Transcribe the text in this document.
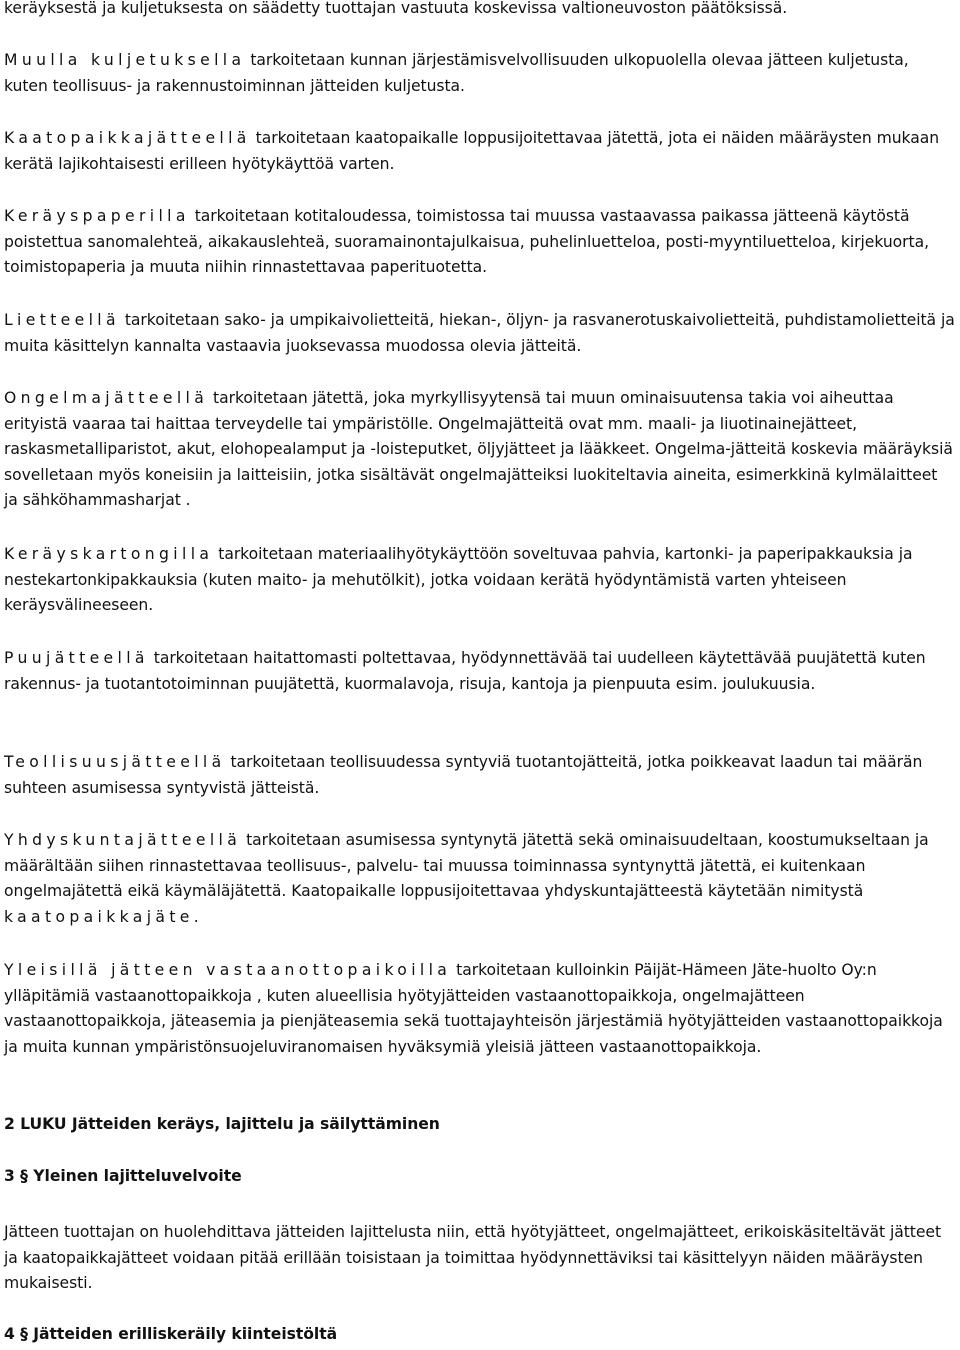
keräyksestä ja kuljetuksesta on säädetty tuottajan vastuuta koskevissa valtioneuvoston päätöksissä.

Muulla kuljetuksella tarkoitetaan kunnan järjestämisvelvollisuuden ulkopuolella olevaa jätteen kuljetusta, kuten teollisuus- ja rakennustoiminnan jätteiden kuljetusta.

Kaatopaikkajätteellä tarkoitetaan kaatopaikalle loppusijoitettavaa jätettä, jota ei näiden määräysten mukaan kerätä lajikohtaisesti erilleen hyötykäyttöä varten.

Keräyspaperilla tarkoitetaan kotitaloudessa, toimistossa tai muussa vastaavassa paikassa jätteenä käytöstä poistettua sanomalehteä, aikakauslehteä, suoramainontajulkaisua, puhelinluetteloa, posti-myyntiluetteloa, kirjekuorta, toimistopaperia ja muuta niihin rinnastettavaa paperituotetta.

Lietteellä tarkoitetaan sako- ja umpikaivolietteitä, hiekan-, öljyn- ja rasvanerotuskaivolietteitä, puhdistamolietteitä ja muita käsittelyn kannalta vastaavia juoksevassa muodossa olevia jätteitä.

Ongelmajätteellä tarkoitetaan jätettä, joka myrkyllisyytensä tai muun ominaisuutensa takia voi aiheuttaa erityistä vaaraa tai haittaa terveydelle tai ympäristölle. Ongelmajätteitä ovat mm. maali- ja liuotinainejätteet, raskasmetalliparistot, akut, elohopealamput ja -loisteputket, öljyjätteet ja lääkkeet. Ongelma-jätteitä koskevia määräyksiä sovelletaan myös koneisiin ja laitteisiin, jotka sisältävät ongelmajätteiksi luokiteltavia aineita, esimerkkinä kylmälaitteet ja sähköhammasharjat .

Keräyskartongilla tarkoitetaan materiaalihyötykäyttöön soveltuvaa pahvia, kartonki- ja paperipakkauksia ja nestekartonkipakkauksia (kuten maito- ja mehutölkit), jotka voidaan kerätä hyödyntämistä varten yhteiseen keräysvälineeseen.

Puujätteellä tarkoitetaan haitattomasti poltettavaa, hyödynnettävää tai uudelleen käytettävää puujätettä kuten rakennus- ja tuotantotoiminnan puujätettä, kuormalavoja, risuja, kantoja ja pienpuuta esim. joulukuusia.

Teollisuusjätteellä tarkoitetaan teollisuudessa syntyviä tuotantojätteitä, jotka poikkeavat laadun tai määrän suhteen asumisessa syntyvistä jätteistä.

Yhdyskuntajätteellä tarkoitetaan asumisessa syntynytä jätettä sekä ominaisuudeltaan, koostumukseltaan ja määrältään siihen rinnastettavaa teollisuus-, palvelu- tai muussa toiminnassa syntynyttä jätettä, ei kuitenkaan ongelmajätettä eikä käymäläjätettä. Kaatopaikalle loppusijoitettavaa yhdyskuntajätteestä käytetään nimitystä kaatopaikkajäte.

Yleisillä jätteen vastaanottopaikoilla tarkoitetaan kulloinkin Päijät-Hämeen Jäte-huolto Oy:n ylläpitämiä vastaanottopaikkoja , kuten alueellisia hyötyjätteiden vastaanottopaikkoja, ongelmajätteen vastaanottopaikkoja, jäteasemia ja pienjäteasemia sekä tuottajayhteisön järjestämiä hyötyjätteiden vastaanottopaikkoja ja muita kunnan ympäristönsuojeluviranomaisen hyväksymiä yleisiä jätteen vastaanottopaikkoja.

2 LUKU Jätteiden keräys, lajittelu ja säilyttäminen
3 § Yleinen lajitteluvelvoite

Jätteen tuottajan on huolehdittava jätteiden lajittelusta niin, että hyötyjätteet, ongelmajätteet, erikoiskäsiteltävät jätteet ja kaatopaikkajätteet voidaan pitää erillään toisistaan ja toimittaa hyödynnettäviksi tai käsittelyyn näiden määräysten mukaisesti.

4 § Jätteiden erilliskeräily kiinteistöltä
